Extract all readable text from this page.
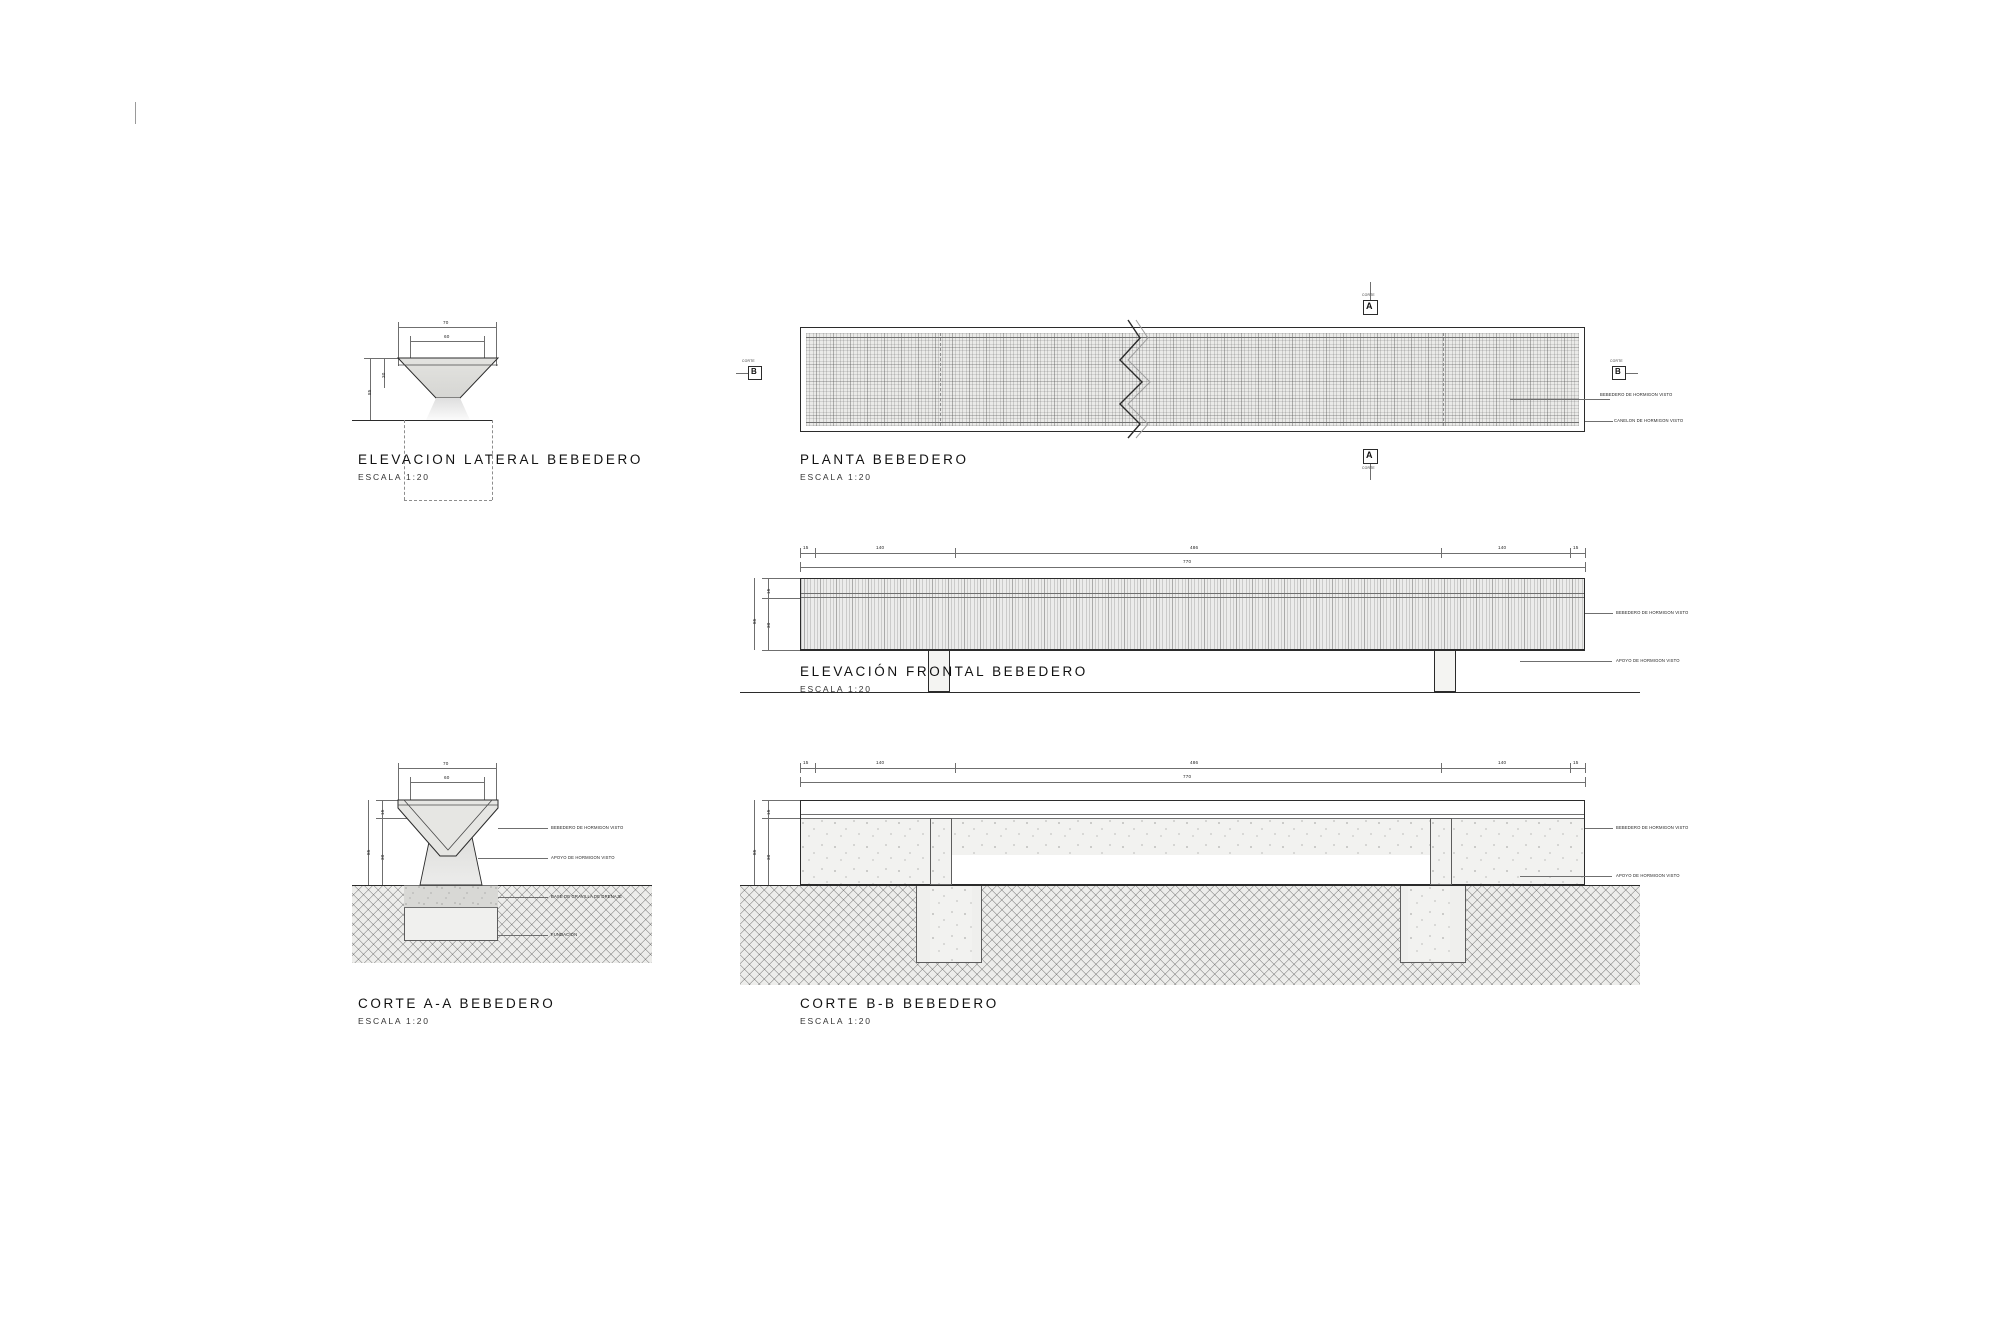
70
60
85
30
ELEVACION LATERAL BEBEDERO
ESCALA 1:20
A
CORTE
A
CORTE
B
CORTE
B
CORTE
BEBEDERO DE HORMIGON VISTO
CANELON DE HORMIGON VISTO
PLANTA BEBEDERO
ESCALA 1:20
15	140	486	140	15
770
15
30
85
BEBEDERO DE HORMIGON VISTO
APOYO DE HORMIGON VISTO
ELEVACIÓN FRONTAL BEBEDERO
ESCALA 1:20
70
60
15
30
85
BEBEDERO DE HORMIGON VISTO
APOYO DE HORMIGON VISTO
BASE DE GRAVILLA DE DRENAJE
FUNDACIÓN
CORTE A-A BEBEDERO
ESCALA 1:20
15	140	486	140	15
770
15
30
85
BEBEDERO DE HORMIGON VISTO
APOYO DE HORMIGON VISTO
CORTE B-B BEBEDERO
ESCALA 1:20
